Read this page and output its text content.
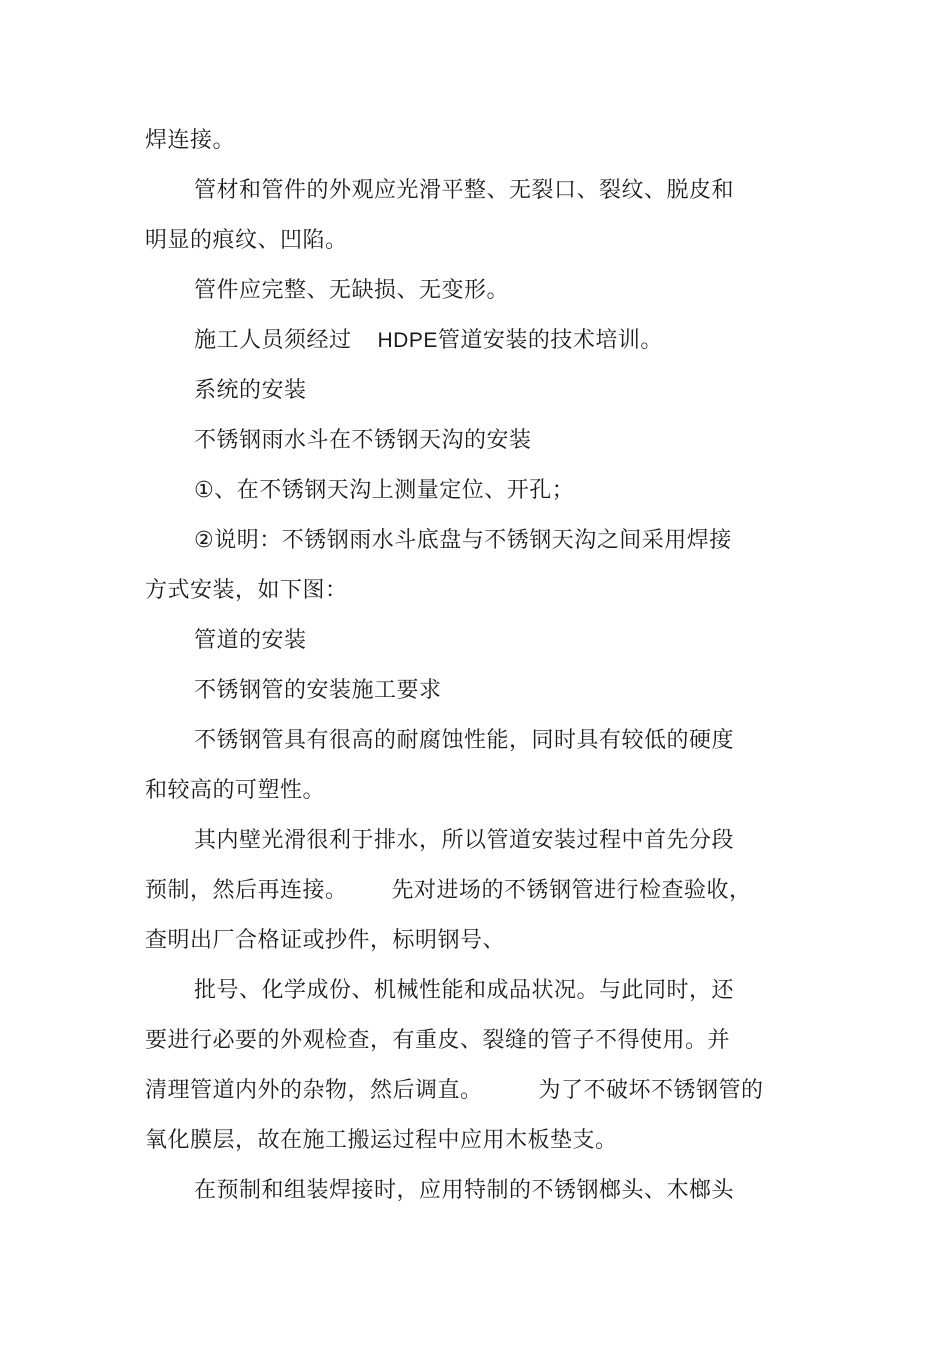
焊连接。
管材和管件的外观应光滑平整、无裂口、裂纹、脱皮和
明显的痕纹、凹陷。
管件应完整、无缺损、无变形。
施工人员须经过 HDPE管道安装的技术培训。
系统的安装
不锈钢雨水斗在不锈钢天沟的安装
①、在不锈钢天沟上测量定位、开孔；
②说明：不锈钢雨水斗底盘与不锈钢天沟之间采用焊接
方式安装，如下图：
管道的安装
不锈钢管的安装施工要求
不锈钢管具有很高的耐腐蚀性能，同时具有较低的硬度
和较高的可塑性。
其内壁光滑很利于排水，所以管道安装过程中首先分段
预制，然后再连接。 先对进场的不锈钢管进行检查验收，
查明出厂合格证或抄件，标明钢号、
批号、化学成份、机械性能和成品状况。与此同时，还
要进行必要的外观检查，有重皮、裂缝的管子不得使用。并
清理管道内外的杂物，然后调直。	为了不破坏不锈钢管的
氧化膜层，故在施工搬运过程中应用木板垫支。
在预制和组装焊接时，应用特制的不锈钢榔头、木榔头
